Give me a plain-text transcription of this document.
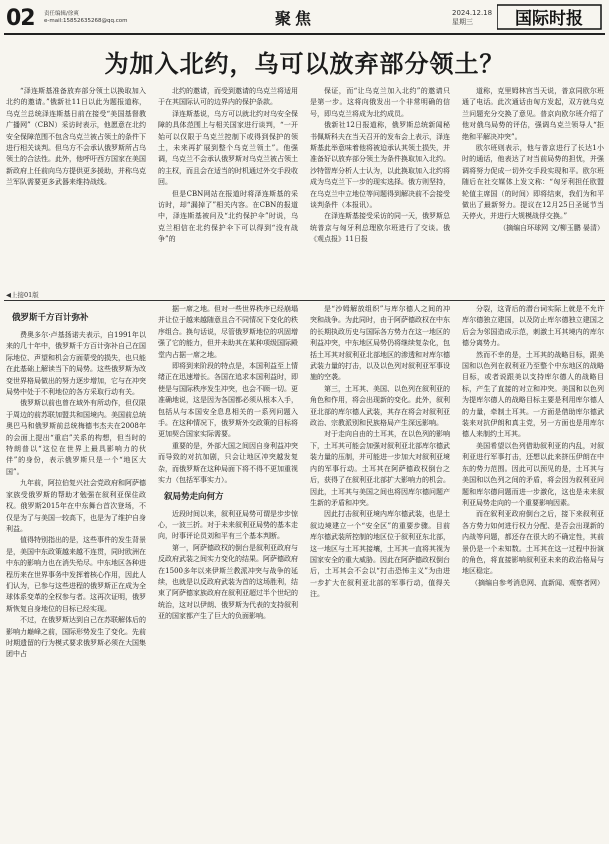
02 责任编辑/徐爽
e-mail:15852635268@qq.com	聚焦	2024.12.18
星期三	国际时报
为加入北约，乌可以放弃部分领土？

“泽连斯基准备放弃部分领土以换取加入北约的邀请。”俄新社11日以此为题报道称，乌克兰总统泽连斯基日前在接受“美国基督教广播网”（CBN）采访时表示，他愿意在北约安全保障范围不包含乌克兰被占领土的条件下进行相关谈判。但乌方不会承认俄罗斯所占乌领土的合法性。此外，他呼吁西方国家在美国新政府上任前向乌方提供更多援助，并称乌克兰军队需要更多武器来维持战线。

北约的邀请，而受到邀请的乌克兰将适用于在其国际认可的边界内的保护条款。

泽连斯基说，乌方可以就北约对乌安全保障的具体范围上与相关国家进行谈判，“一开始可以仅限于乌克兰控制下或得到保护的领土，未来再扩展到整个乌克兰领土”。他强调，乌克兰不会承认俄罗斯对乌克兰被占领土的主权，而且会在适当的时机通过外交手段收回。

但是CBN网站在报道时将泽连斯基的采访时，却“漏掉了”相关内容。在CBN的报道中，泽连斯基被问及“北约保护伞”时说，乌克兰相信在北约保护伞下可以得到“没有战争”的

保证，而“让乌克兰加入北约”的邀请只是第一步。这将向俄发出一个非常明确的信号，即乌克兰将成为北约成员。

俄新社12日报道称，俄罗斯总统新闻秘书佩斯科夫在当天召开的发布会上表示，泽连斯基此举意味着他将被迫承认其领土损失，并准备好以放弃部分领土为条件换取加入北约。沙特智库分析人士认为，以此换取加入北约将成为乌克兰下一步的现实选择。俄方则坚持，在乌克兰中立地位等问题得到解决前不会接受谈判条件（本报讯）。

在泽连斯基接受采访的同一天，俄罗斯总统普京与匈牙利总理欧尔班进行了交谈。俄《观点报》11日报

道称，克里姆林宫当天说，普京同欧尔班通了电话。此次通话由匈方发起，双方就乌克兰问题充分交换了意见。普京向欧尔班介绍了他对俄乌局势的评估，强调乌克兰领导人“拒绝和平解决冲突”。

欧尔班则表示，他与普京进行了长达1小时的通话，他表达了对当前局势的担忧，并强调将努力促成一切外交手段实现和平。欧尔班随后在社交媒体上发文称：“匈牙利担任欧盟轮值主席国（的时间）即将结束，我们为和平做出了最新努力。提议在12月25日圣诞节当天停火，并进行大规模战俘交换。”

（摘编自环球网 文/柳玉鹏 晏清）

◀上接01版
俄罗斯千方百计弥补

费奥多尔·卢基扬诺夫表示，自1991年以来的几十年中，俄罗斯千方百计弥补自己在国际地位、声望和机会方面蒙受的损失，也只能在此基础上解读当下的局势。这些俄罗斯为改变世界格局做出的努力逐步增加，它与在冲突局势中处于不利地位的各方采取行动有关。

俄罗斯以前也曾在域外有所动作，但仅限于周边的前苏联加盟共和国境内。美国前总统奥巴马和俄罗斯前总统梅德韦杰夫在2008年的会面上提出“重启”关系的构想，但当时的特朗普以“这位在世界上最具影响力的伙伴”的身份，表示俄罗斯只是一个“地区大国”。

九年前，阿拉伯复兴社会党政府和阿萨德家族受俄罗斯的帮助才勉强在叙利亚保住政权。俄罗斯2015年在中东舞台首次登场，不仅是为了与美国一较高下，也是为了维护自身利益。

值得特别指出的是，这些事件的发生背景是，美国中东政策越来越不连贯，同时欧洲在中东的影响力也在消失殆尽。中东地区各种进程历来在世界事务中发挥着核心作用，因此人们认为，已参与这些进程的俄罗斯正在成为全球体系变革的全权参与者。这再次证明，俄罗斯恢复自身地位的目标已经实现。

不过，在俄罗斯达到自己在苏联解体后的影响力巅峰之前，国际形势发生了变化。先前时期遗留的行为模式要求俄罗斯必须在大国集团中占

据一席之地。但对一些世界秩序已经崩塌并让位于越来越随意且合不同情况下变化的秩序组合。换句话说，尽管俄罗斯地位的巩固增强了它的能力，但并未助其在某种项级国际殿堂内占据一席之地。

即将到来阶段的特点是，本国利益至上情绪正在迅速增长。各国在追求本国利益时，即使是与国际秩序发生冲突，也会不顾一切。更准确地说，这是因为各国都必须从根本入手，包括从与本国安全息息相关的一系列问题入手。在这种情况下，俄罗斯外交政策的目标将更加契合国家实际需要。

重要的是，外部大国之间因自身利益冲突而导致的对抗加剧，只会让地区冲突越发复杂，而俄罗斯在这种局面下将不得不更加重视实力（包括军事实力）。

叙局势走向何方

近段时间以来，叙利亚局势可谓是步步惊心，一波三折。对于未来叙利亚局势的基本走向，时事评论员刘和平有三个基本判断。

第一，阿萨德政权的倒台是叙利亚政府与反政府武装之间实力变化的结果。阿萨德政府在1500多年以来伊斯兰教派冲突与战争的延续，也就是以反政府武装为首的这场胜利，结束了阿萨德家族政府在叙利亚超过半个世纪的统治，这对以伊朗、俄罗斯为代表的支持叙利亚的国家都产生了巨大的负面影响。

是“沙姆解放组织”与库尔德人之间的冲突和战争。为此同时，由于阿萨德政权在中东的长期执政历史与国际各方势力在这一地区的利益冲突，中东地区局势仍将继续复杂化，包括土耳其对叙利亚北部地区的渗透和对库尔德武装力量的打击，以及以色列对叙利亚军事设施的空袭。

第三，土耳其、美国、以色列在叙利亚的角色和作用，将会出现新的变化。此外，叙利亚北部的库尔德人武装，其存在将会对叙利亚政治、宗教派别和民族格局产生深远影响。

对于走向自由的土耳其，在以色列的影响下，土耳其可能会加强对叙利亚北部库尔德武装力量的压制，并可能进一步加大对叙利亚境内的军事行动。土耳其在阿萨德政权倒台之后，获得了在叙利亚北部扩大影响力的机会。因此，土耳其与美国之间也将因库尔德问题产生新的矛盾和冲突。

因此打击叙利亚境内库尔德武装，也是土叙边境建立一个“安全区”的重要步骤。目前库尔德武装所控制的地区位于叙利亚东北部，这一地区与土耳其接壤，土耳其一直将其视为国家安全的重大威胁。因此在阿萨德政权倒台后，土耳其会不会以“打击恐怖主义”为由进一步扩大在叙利亚北部的军事行动，值得关注。

分裂，这背后的潜台词实际上就是不允许库尔德独立建国，以及防止库尔德独立建国之后会为邻国造成示范，刺激土耳其境内的库尔德分离势力。

然而不幸的是，土耳其的战略目标，跟美国和以色列在叙利亚乃至整个中东地区的战略目标，或者说跟美以支持库尔德人的战略目标，产生了直接的对立和冲突。美国和以色列为提库尔德人的战略目标主要是利用库尔德人的力量，牵制土耳其。一方面是借助库尔德武装来对抗伊朗和真主党，另一方面也是用库尔德人来制约土耳其。

美国希望以色列借助叙利亚的内乱，对叙利亚进行军事打击，还想以此来挤压伊朗在中东的势力范围。因此可以预见的是，土耳其与美国和以色列之间的矛盾，将会因为叙利亚问题和库尔德问题而进一步激化，这也是未来叙利亚局势走向的一个重要影响因素。

而在叙利亚政府倒台之后，接下来叙利亚各方势力如何进行权力分配、是否会出现新的内战等问题，都还存在很大的不确定性，其前景仍是一个未知数。土耳其在这一过程中扮演的角色，将直接影响叙利亚未来的政治格局与地区稳定。

（摘编自参考消息网、直新闻、观察者网）
